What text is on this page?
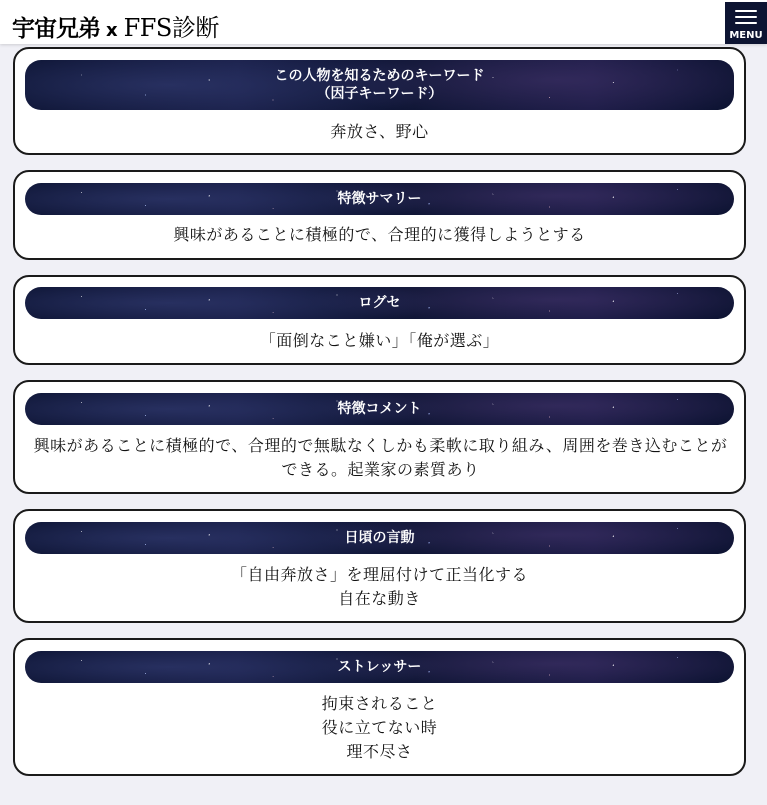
宇宙兄弟 x FFS診断	MENU
この人物を知るためのキーワード
（因子キーワード）
奔放さ、野心
特徴サマリー
興味があることに積極的で、合理的に獲得しようとする
ログセ
「面倒なこと嫌い」「俺が選ぶ」
特徴コメント
興味があることに積極的で、合理的で無駄なくしかも柔軟に取り組み、周囲を巻き込むことができる。起業家の素質あり
日頃の言動
「自由奔放さ」を理屈付けて正当化する
自在な動き
ストレッサー
拘束されること
役に立てない時
理不尽さ
